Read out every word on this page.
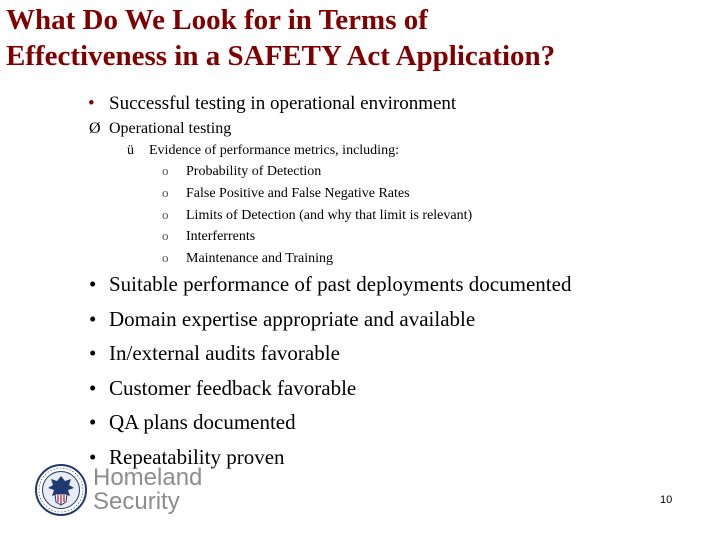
What Do We Look for in Terms of
Effectiveness in a SAFETY Act Application?
• Successful testing in operational environment
Ø Operational testing
ü Evidence of performance metrics, including:
o Probability of Detection
o False Positive and False Negative Rates
o Limits of Detection (and why that limit is relevant)
o Interferrents
o Maintenance and Training
• Suitable performance of past deployments documented
• Domain expertise appropriate and available
• In/external audits favorable
• Customer feedback favorable
• QA plans documented
• Repeatability proven
Homeland
Security	10
